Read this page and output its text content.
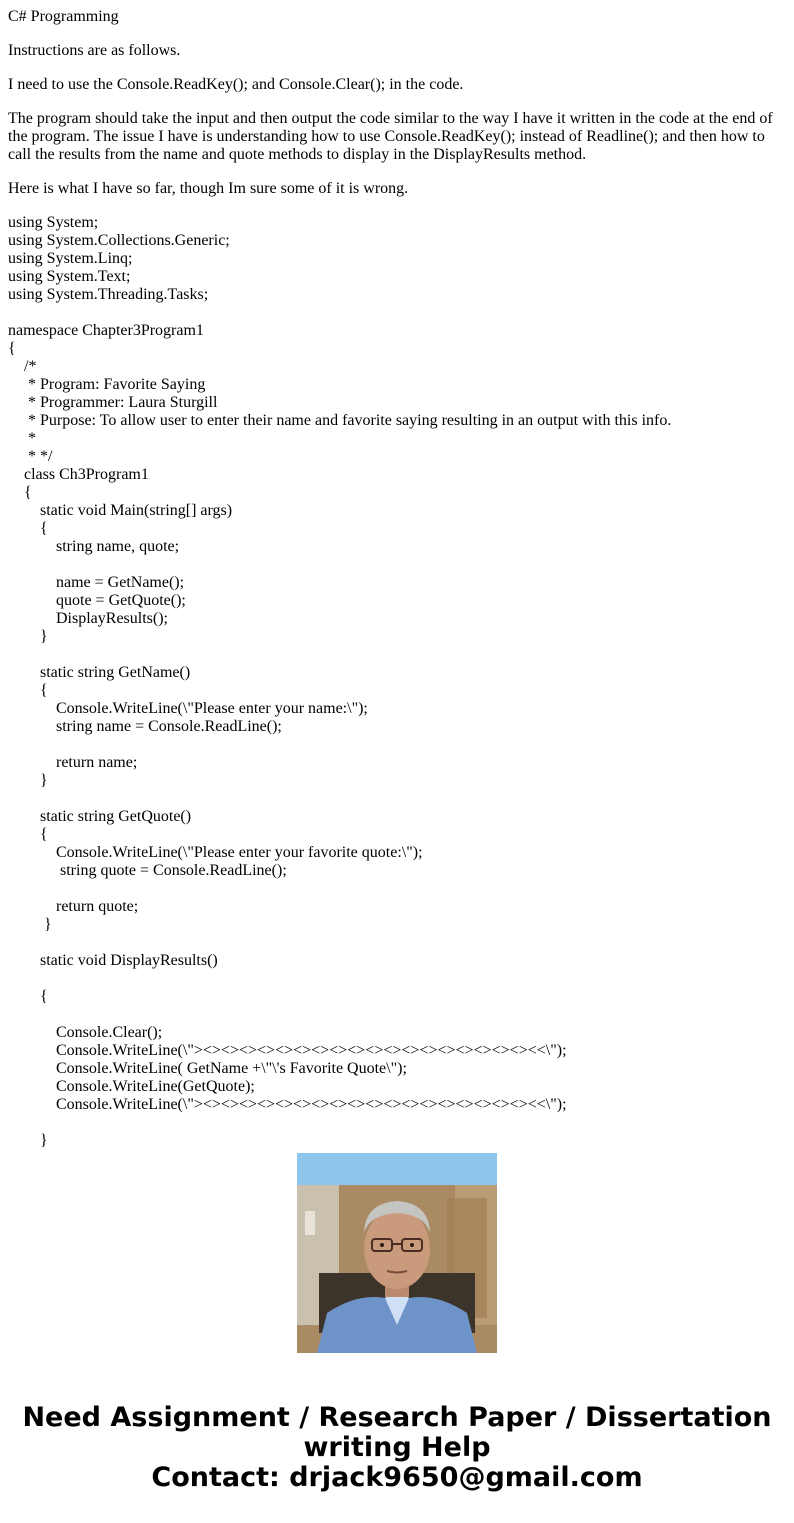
C# Programming

Instructions are as follows.

I need to use the Console.ReadKey(); and Console.Clear(); in the code.

The program should take the input and then output the code similar to the way I have it written in the code at the end of the program. The issue I have is understanding how to use Console.ReadKey(); instead of Readline(); and then how to call the results from the name and quote methods to display in the DisplayResults method.

Here is what I have so far, though Im sure some of it is wrong.

using System;
using System.Collections.Generic;
using System.Linq;
using System.Text;
using System.Threading.Tasks;
namespace Chapter3Program1
{
/*
* Program: Favorite Saying
* Programmer: Laura Sturgill
* Purpose: To allow user to enter their name and favorite saying resulting in an output with this info.
*
* */
class Ch3Program1
{
static void Main(string[] args)
{
string name, quote;
name = GetName();
quote = GetQuote();
DisplayResults();
}
static string GetName()
{
Console.WriteLine(\"Please enter your name:\");
string name = Console.ReadLine();
return name;
}
static string GetQuote()
{
Console.WriteLine(\"Please enter your favorite quote:\");
string quote = Console.ReadLine();
return quote;
}
static void DisplayResults()
{
Console.Clear();
Console.WriteLine(\"><><><><><><><><><><><><><><><><><><><<\");
Console.WriteLine( GetName +\"\'s Favorite Quote\");
Console.WriteLine(GetQuote);
Console.WriteLine(\"><><><><><><><><><><><><><><><><><><><<\");
}
Need Assignment / Research Paper / Dissertation
writing Help
Contact: drjack9650@gmail.com
